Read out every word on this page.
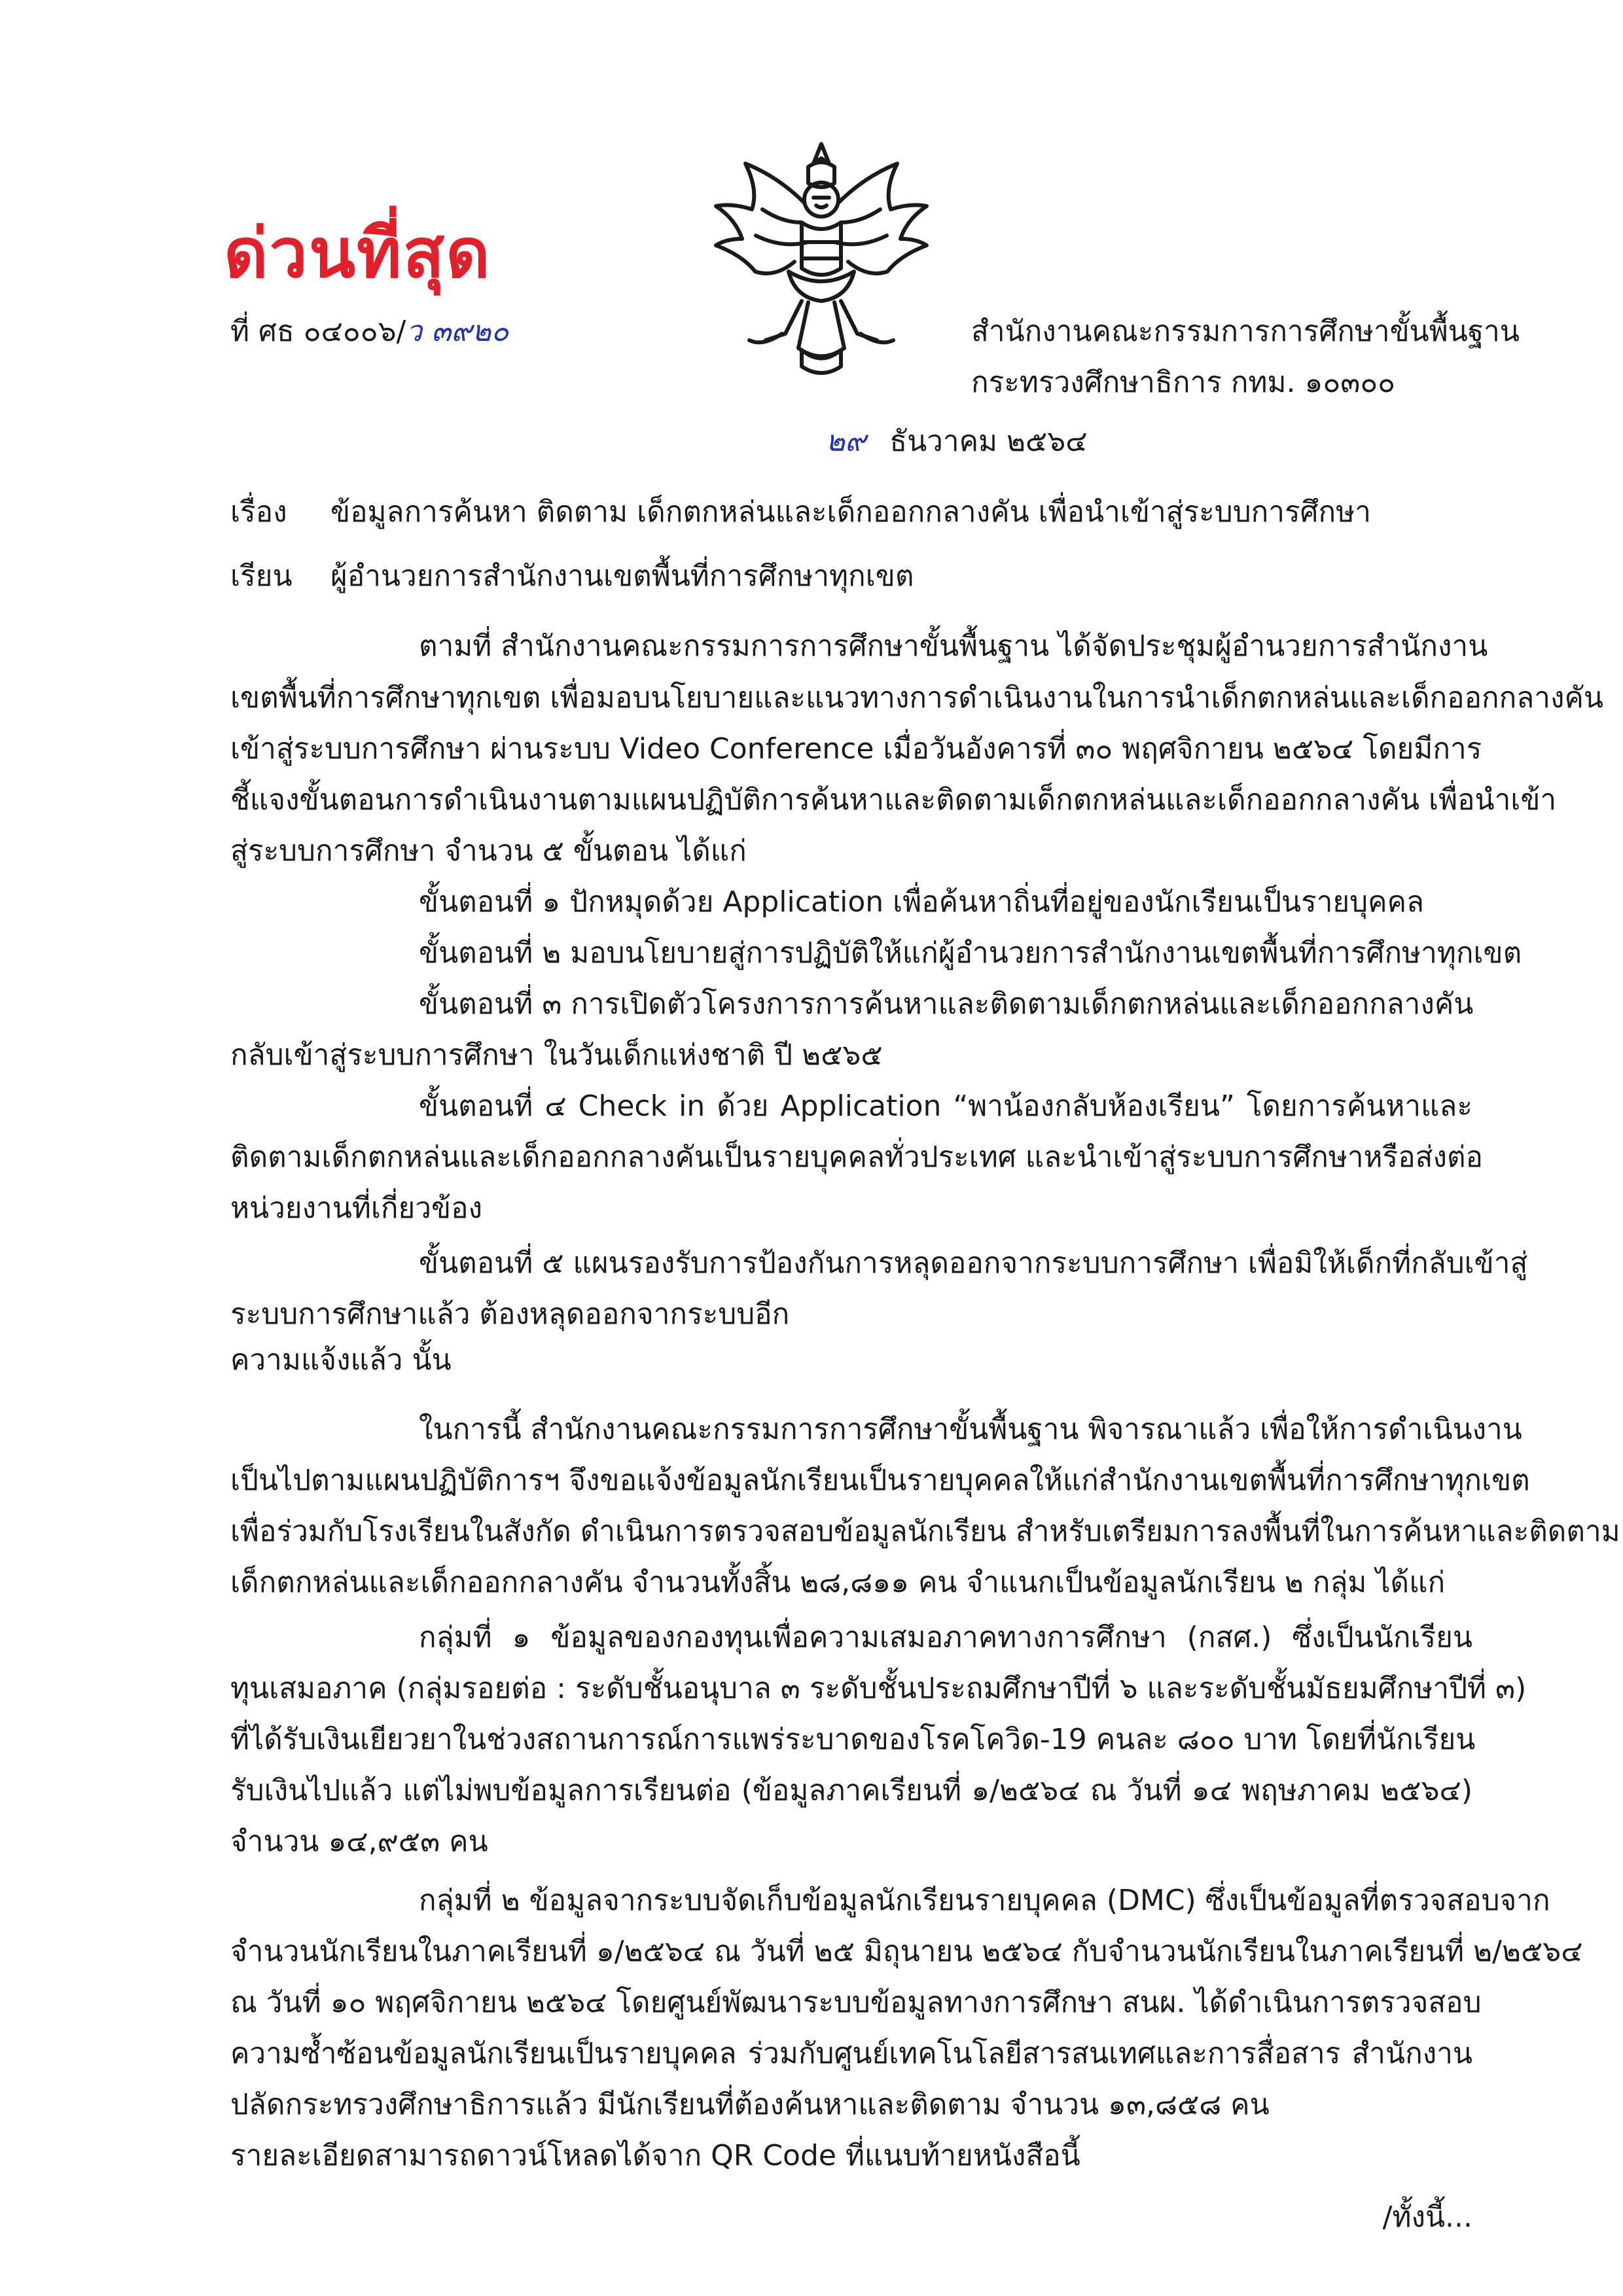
ด่วนที่สุด
ที่ ศธ ๐๔๐๐๖/ว ๓๙๒๐	สำนักงานคณะกรรมการการศึกษาขั้นพื้นฐาน
กระทรวงศึกษาธิการ กทม. ๑๐๓๐๐
๒๙ ธันวาคม ๒๕๖๔
เรื่อง ข้อมูลการค้นหา ติดตาม เด็กตกหล่นและเด็กออกกลางคัน เพื่อนำเข้าสู่ระบบการศึกษา
เรียน ผู้อำนวยการสำนักงานเขตพื้นที่การศึกษาทุกเขต
ตามที่ สำนักงานคณะกรรมการการศึกษาขั้นพื้นฐาน ได้จัดประชุมผู้อำนวยการสำนักงาน
เขตพื้นที่การศึกษาทุกเขต เพื่อมอบนโยบายและแนวทางการดำเนินงานในการนำเด็กตกหล่นและเด็กออกกลางคัน
เข้าสู่ระบบการศึกษา ผ่านระบบ Video Conference เมื่อวันอังคารที่ ๓๐ พฤศจิกายน ๒๕๖๔ โดยมีการ
ชี้แจงขั้นตอนการดำเนินงานตามแผนปฏิบัติการค้นหาและติดตามเด็กตกหล่นและเด็กออกกลางคัน เพื่อนำเข้า
สู่ระบบการศึกษา จำนวน ๕ ขั้นตอน ได้แก่
ขั้นตอนที่ ๑ ปักหมุดด้วย Application เพื่อค้นหาถิ่นที่อยู่ของนักเรียนเป็นรายบุคคล
ขั้นตอนที่ ๒ มอบนโยบายสู่การปฏิบัติให้แก่ผู้อำนวยการสำนักงานเขตพื้นที่การศึกษาทุกเขต
ขั้นตอนที่ ๓ การเปิดตัวโครงการการค้นหาและติดตามเด็กตกหล่นและเด็กออกกลางคัน
กลับเข้าสู่ระบบการศึกษา ในวันเด็กแห่งชาติ ปี ๒๕๖๕
ขั้นตอนที่ ๔ Check in ด้วย Application “พาน้องกลับห้องเรียน” โดยการค้นหาและ
ติดตามเด็กตกหล่นและเด็กออกกลางคันเป็นรายบุคคลทั่วประเทศ และนำเข้าสู่ระบบการศึกษาหรือส่งต่อ
หน่วยงานที่เกี่ยวข้อง
ขั้นตอนที่ ๕ แผนรองรับการป้องกันการหลุดออกจากระบบการศึกษา เพื่อมิให้เด็กที่กลับเข้าสู่
ระบบการศึกษาแล้ว ต้องหลุดออกจากระบบอีก
ความแจ้งแล้ว นั้น
ในการนี้ สำนักงานคณะกรรมการการศึกษาขั้นพื้นฐาน พิจารณาแล้ว เพื่อให้การดำเนินงาน
เป็นไปตามแผนปฏิบัติการฯ จึงขอแจ้งข้อมูลนักเรียนเป็นรายบุคคลให้แก่สำนักงานเขตพื้นที่การศึกษาทุกเขต
เพื่อร่วมกับโรงเรียนในสังกัด ดำเนินการตรวจสอบข้อมูลนักเรียน สำหรับเตรียมการลงพื้นที่ในการค้นหาและติดตาม
เด็กตกหล่นและเด็กออกกลางคัน จำนวนทั้งสิ้น ๒๘,๘๑๑ คน จำแนกเป็นข้อมูลนักเรียน ๒ กลุ่ม ได้แก่
กลุ่มที่ ๑ ข้อมูลของกองทุนเพื่อความเสมอภาคทางการศึกษา (กสศ.) ซึ่งเป็นนักเรียน
ทุนเสมอภาค (กลุ่มรอยต่อ : ระดับชั้นอนุบาล ๓ ระดับชั้นประถมศึกษาปีที่ ๖ และระดับชั้นมัธยมศึกษาปีที่ ๓)
ที่ได้รับเงินเยียวยาในช่วงสถานการณ์การแพร่ระบาดของโรคโควิด-19 คนละ ๘๐๐ บาท โดยที่นักเรียน
รับเงินไปแล้ว แต่ไม่พบข้อมูลการเรียนต่อ (ข้อมูลภาคเรียนที่ ๑/๒๕๖๔ ณ วันที่ ๑๔ พฤษภาคม ๒๕๖๔)
จำนวน ๑๔,๙๕๓ คน
กลุ่มที่ ๒ ข้อมูลจากระบบจัดเก็บข้อมูลนักเรียนรายบุคคล (DMC) ซึ่งเป็นข้อมูลที่ตรวจสอบจาก
จำนวนนักเรียนในภาคเรียนที่ ๑/๒๕๖๔ ณ วันที่ ๒๕ มิถุนายน ๒๕๖๔ กับจำนวนนักเรียนในภาคเรียนที่ ๒/๒๕๖๔
ณ วันที่ ๑๐ พฤศจิกายน ๒๕๖๔ โดยศูนย์พัฒนาระบบข้อมูลทางการศึกษา สนผ. ได้ดำเนินการตรวจสอบ
ความซ้ำซ้อนข้อมูลนักเรียนเป็นรายบุคคล ร่วมกับศูนย์เทคโนโลยีสารสนเทศและการสื่อสาร สำนักงาน
ปลัดกระทรวงศึกษาธิการแล้ว มีนักเรียนที่ต้องค้นหาและติดตาม จำนวน ๑๓,๘๕๘ คน
รายละเอียดสามารถดาวน์โหลดได้จาก QR Code ที่แนบท้ายหนังสือนี้
/ทั้งนี้...
